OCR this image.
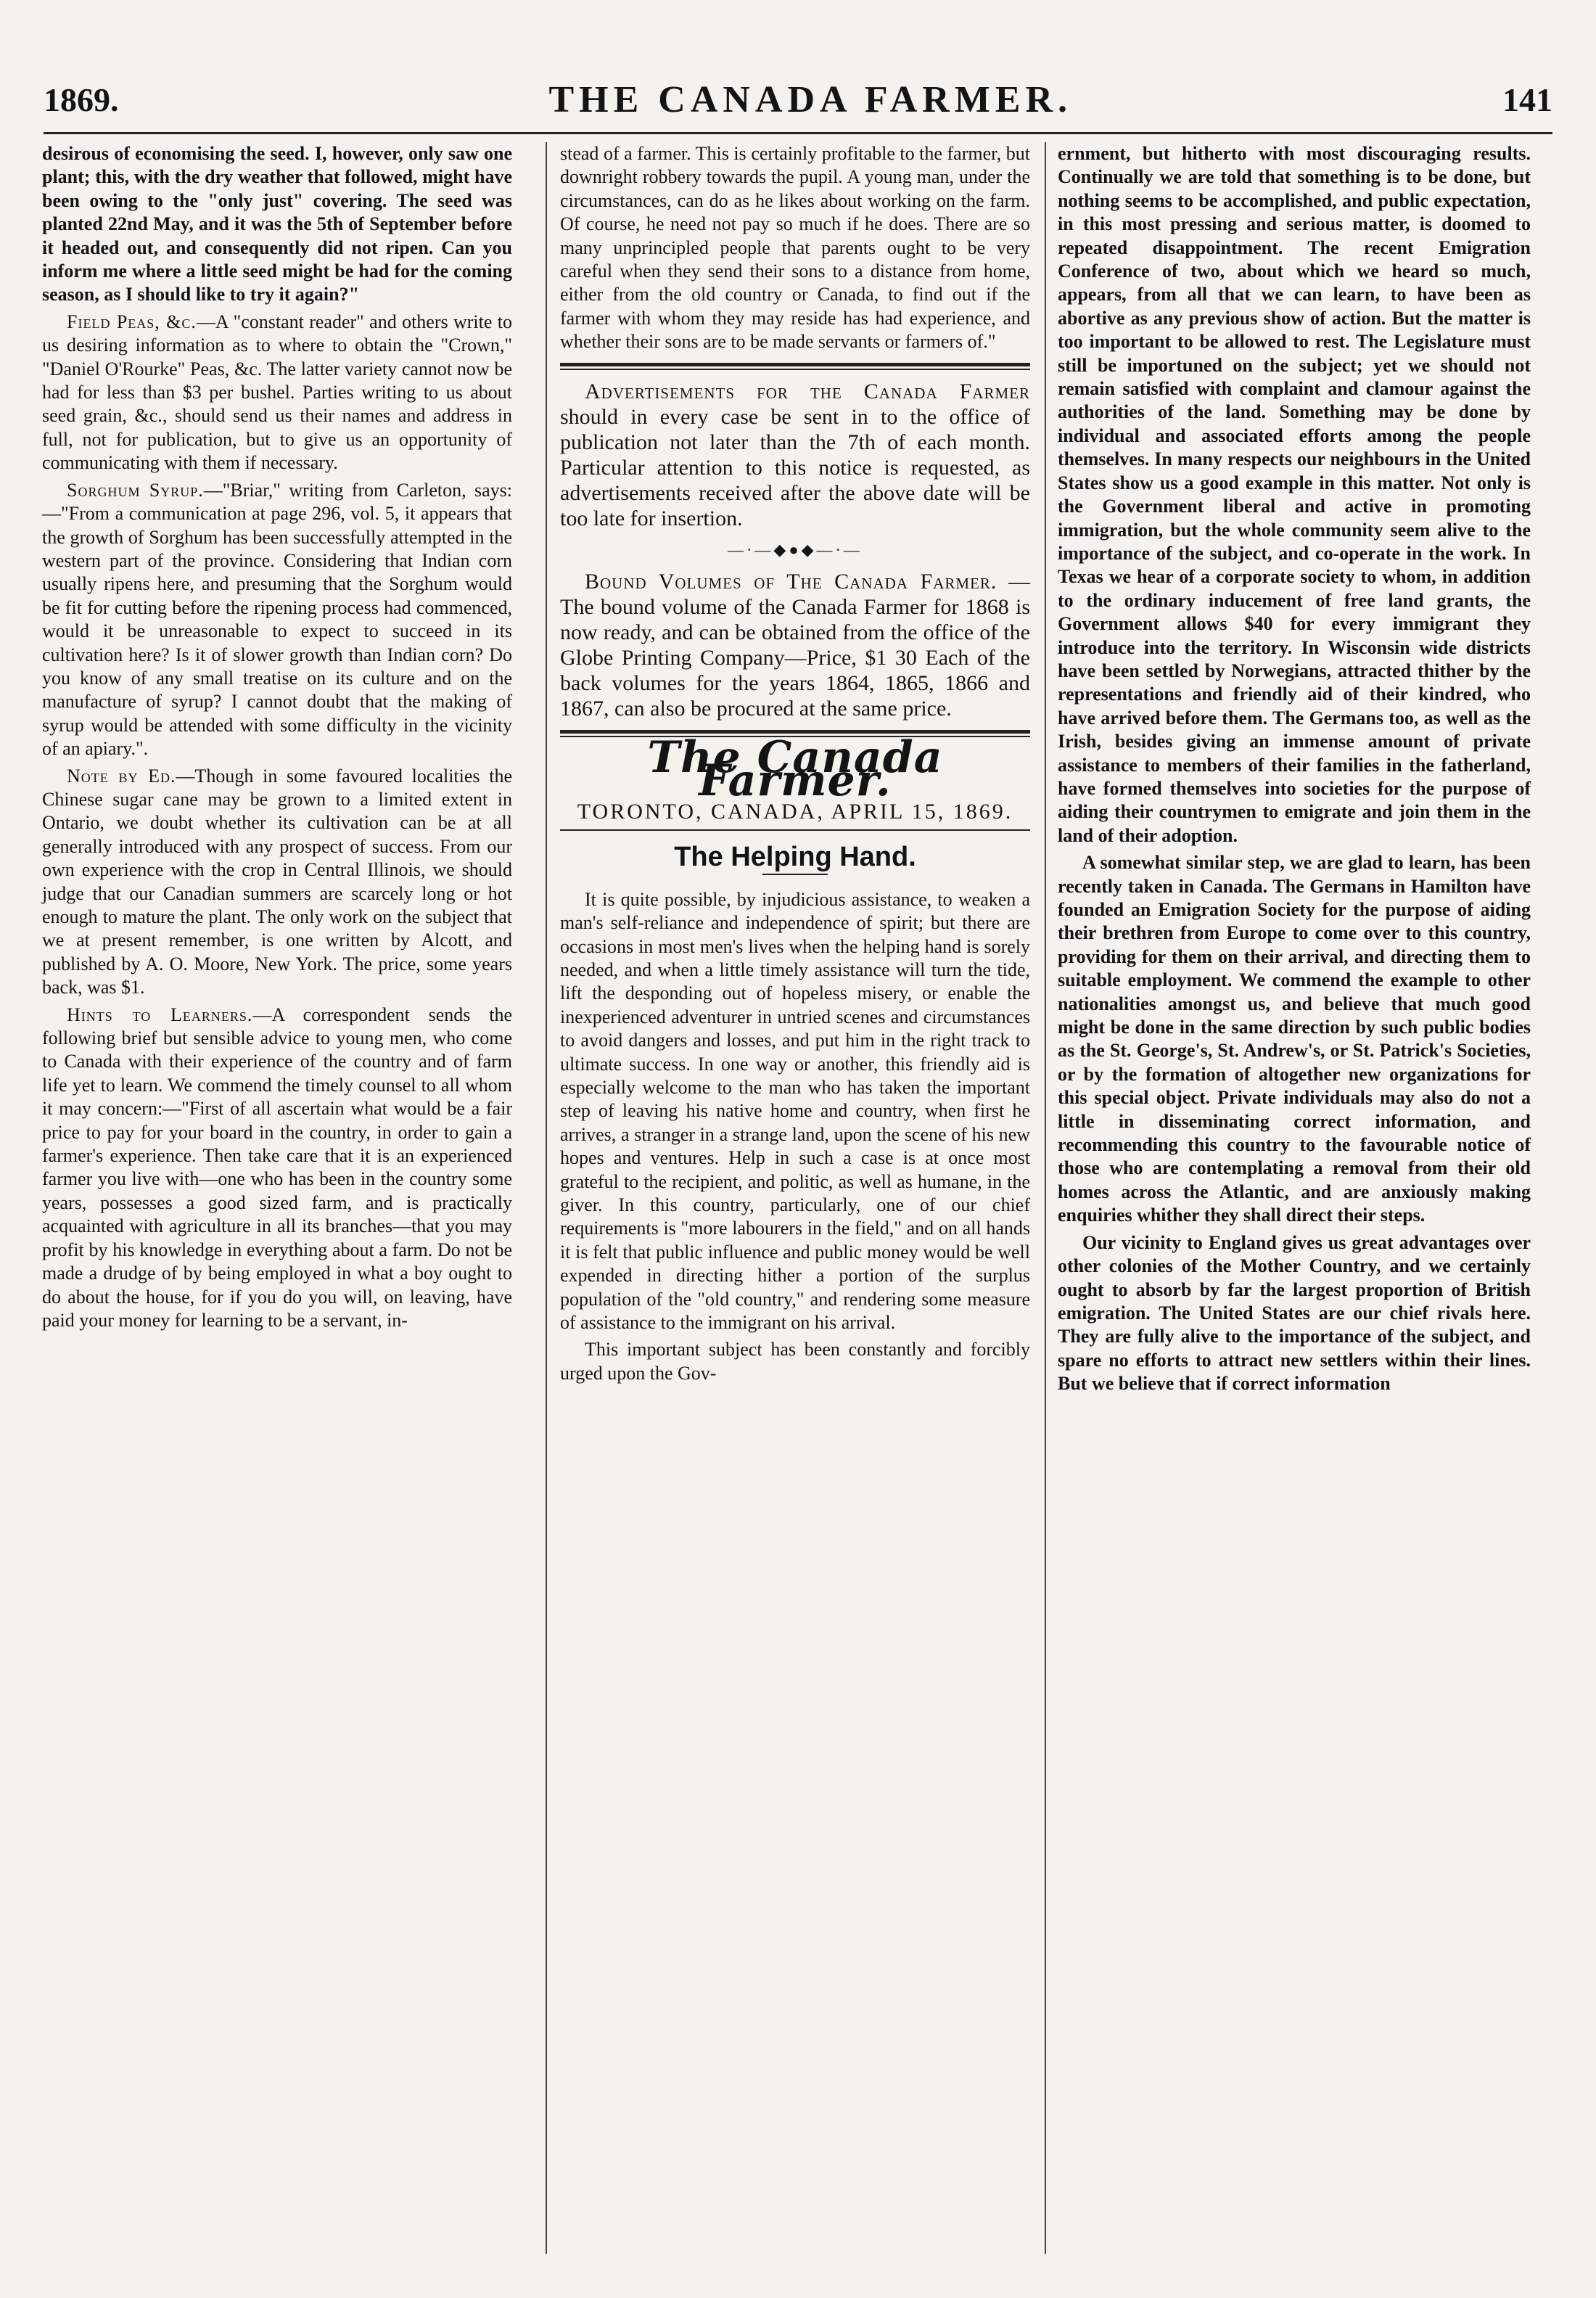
1869.	THE CANADA FARMER.	141

desirous of economising the seed. I, however, only saw one plant; this, with the dry weather that followed, might have been owing to the "only just" covering. The seed was planted 22nd May, and it was the 5th of September before it headed out, and consequently did not ripen. Can you inform me where a little seed might be had for the coming season, as I should like to try it again?"

Field Peas, &c.—A "constant reader" and others write to us desiring information as to where to obtain the "Crown," "Daniel O'Rourke" Peas, &c. The latter variety cannot now be had for less than $3 per bushel. Parties writing to us about seed grain, &c., should send us their names and address in full, not for publication, but to give us an opportunity of communicating with them if necessary.

Sorghum Syrup.—"Briar," writing from Carleton, says:—"From a communication at page 296, vol. 5, it appears that the growth of Sorghum has been successfully attempted in the western part of the province. Considering that Indian corn usually ripens here, and presuming that the Sorghum would be fit for cutting before the ripening process had commenced, would it be unreasonable to expect to succeed in its cultivation here? Is it of slower growth than Indian corn? Do you know of any small treatise on its culture and on the manufacture of syrup? I cannot doubt that the making of syrup would be attended with some difficulty in the vicinity of an apiary.".

Note by Ed.—Though in some favoured localities the Chinese sugar cane may be grown to a limited extent in Ontario, we doubt whether its cultivation can be at all generally introduced with any prospect of success. From our own experience with the crop in Central Illinois, we should judge that our Canadian summers are scarcely long or hot enough to mature the plant. The only work on the subject that we at present remember, is one written by Alcott, and published by A. O. Moore, New York. The price, some years back, was $1.

Hints to Learners.—A correspondent sends the following brief but sensible advice to young men, who come to Canada with their experience of the country and of farm life yet to learn. We commend the timely counsel to all whom it may concern:—"First of all ascertain what would be a fair price to pay for your board in the country, in order to gain a farmer's experience. Then take care that it is an experienced farmer you live with—one who has been in the country some years, possesses a good sized farm, and is practically acquainted with agriculture in all its branches—that you may profit by his knowledge in everything about a farm. Do not be made a drudge of by being employed in what a boy ought to do about the house, for if you do you will, on leaving, have paid your money for learning to be a servant, in-

stead of a farmer. This is certainly profitable to the farmer, but downright robbery towards the pupil. A young man, under the circumstances, can do as he likes about working on the farm. Of course, he need not pay so much if he does. There are so many unprincipled people that parents ought to be very careful when they send their sons to a distance from home, either from the old country or Canada, to find out if the farmer with whom they may reside has had experience, and whether their sons are to be made servants or farmers of."

Advertisements for the Canada Farmer should in every case be sent in to the office of publication not later than the 7th of each month. Particular attention to this notice is requested, as advertisements received after the above date will be too late for insertion.

—·—◆●◆—·—

Bound Volumes of The Canada Farmer. — The bound volume of the Canada Farmer for 1868 is now ready, and can be obtained from the office of the Globe Printing Company—Price, $1 30 Each of the back volumes for the years 1864, 1865, 1866 and 1867, can also be procured at the same price.

The Canada Farmer.
TORONTO, CANADA, APRIL 15, 1869.
The Helping Hand.

It is quite possible, by injudicious assistance, to weaken a man's self-reliance and independence of spirit; but there are occasions in most men's lives when the helping hand is sorely needed, and when a little timely assistance will turn the tide, lift the desponding out of hopeless misery, or enable the inexperienced adventurer in untried scenes and circumstances to avoid dangers and losses, and put him in the right track to ultimate success. In one way or another, this friendly aid is especially welcome to the man who has taken the important step of leaving his native home and country, when first he arrives, a stranger in a strange land, upon the scene of his new hopes and ventures. Help in such a case is at once most grateful to the recipient, and politic, as well as humane, in the giver. In this country, particularly, one of our chief requirements is "more labourers in the field," and on all hands it is felt that public influence and public money would be well expended in directing hither a portion of the surplus population of the "old country," and rendering some measure of assistance to the immigrant on his arrival.

This important subject has been constantly and forcibly urged upon the Gov-

ernment, but hitherto with most discouraging results. Continually we are told that something is to be done, but nothing seems to be accomplished, and public expectation, in this most pressing and serious matter, is doomed to repeated disappointment. The recent Emigration Conference of two, about which we heard so much, appears, from all that we can learn, to have been as abortive as any previous show of action. But the matter is too important to be allowed to rest. The Legislature must still be importuned on the subject; yet we should not remain satisfied with complaint and clamour against the authorities of the land. Something may be done by individual and associated efforts among the people themselves. In many respects our neighbours in the United States show us a good example in this matter. Not only is the Government liberal and active in promoting immigration, but the whole community seem alive to the importance of the subject, and co-operate in the work. In Texas we hear of a corporate society to whom, in addition to the ordinary inducement of free land grants, the Government allows $40 for every immigrant they introduce into the territory. In Wisconsin wide districts have been settled by Norwegians, attracted thither by the representations and friendly aid of their kindred, who have arrived before them. The Germans too, as well as the Irish, besides giving an immense amount of private assistance to members of their families in the fatherland, have formed themselves into societies for the purpose of aiding their countrymen to emigrate and join them in the land of their adoption.

A somewhat similar step, we are glad to learn, has been recently taken in Canada. The Germans in Hamilton have founded an Emigration Society for the purpose of aiding their brethren from Europe to come over to this country, providing for them on their arrival, and directing them to suitable employment. We commend the example to other nationalities amongst us, and believe that much good might be done in the same direction by such public bodies as the St. George's, St. Andrew's, or St. Patrick's Societies, or by the formation of altogether new organizations for this special object. Private individuals may also do not a little in disseminating correct information, and recommending this country to the favourable notice of those who are contemplating a removal from their old homes across the Atlantic, and are anxiously making enquiries whither they shall direct their steps.

Our vicinity to England gives us great advantages over other colonies of the Mother Country, and we certainly ought to absorb by far the largest proportion of British emigration. The United States are our chief rivals here. They are fully alive to the importance of the subject, and spare no efforts to attract new settlers within their lines. But we believe that if correct information
